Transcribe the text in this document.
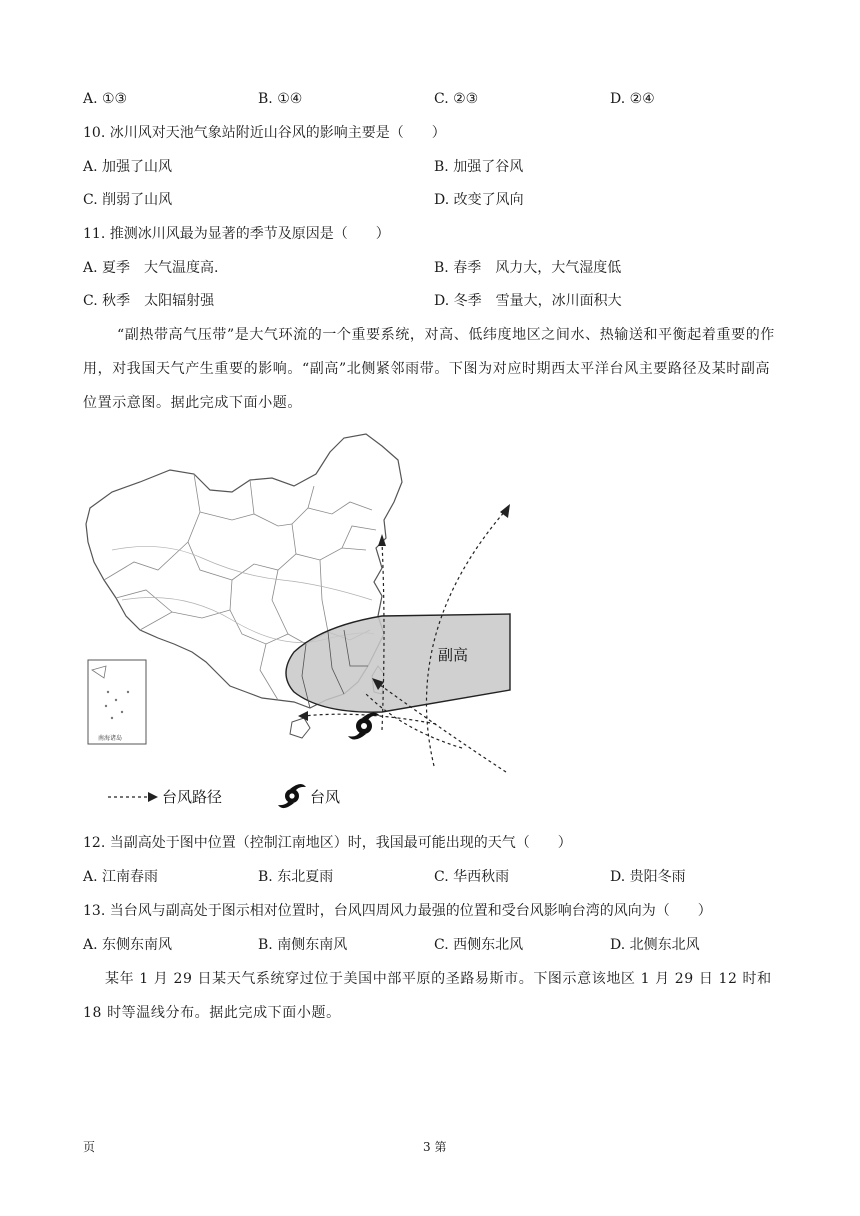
A. ①③	B. ①④	C. ②③	D. ②④
10. 冰川风对天池气象站附近山谷风的影响主要是（　　）
A. 加强了山风	B. 加强了谷风
C. 削弱了山风	D. 改变了风向
11. 推测冰川风最为显著的季节及原因是（　　）
A. 夏季　大气温度高.	B. 春季　风力大，大气湿度低
C. 秋季　太阳辐射强	D. 冬季　雪量大，冰川面积大
“副热带高气压带”是大气环流的一个重要系统，对高、低纬度地区之间水、热输送和平衡起着重要的作用，对我国天气产生重要的影响。“副高”北侧紧邻雨带。下图为对应时期西太平洋台风主要路径及某时副高位置示意图。据此完成下面小题。
副高
南海诸岛
台风路径	台风
12. 当副高处于图中位置（控制江南地区）时，我国最可能出现的天气（　　）
A. 江南春雨	B. 东北夏雨	C. 华西秋雨	D. 贵阳冬雨
13. 当台风与副高处于图示相对位置时，台风四周风力最强的位置和受台风影响台湾的风向为（　　）
A. 东侧东南风	B. 南侧东南风	C. 西侧东北风	D. 北侧东北风
某年 1 月 29 日某天气系统穿过位于美国中部平原的圣路易斯市。下图示意该地区 1 月 29 日 12 时和 18 时等温线分布。据此完成下面小题。
页	3 第
